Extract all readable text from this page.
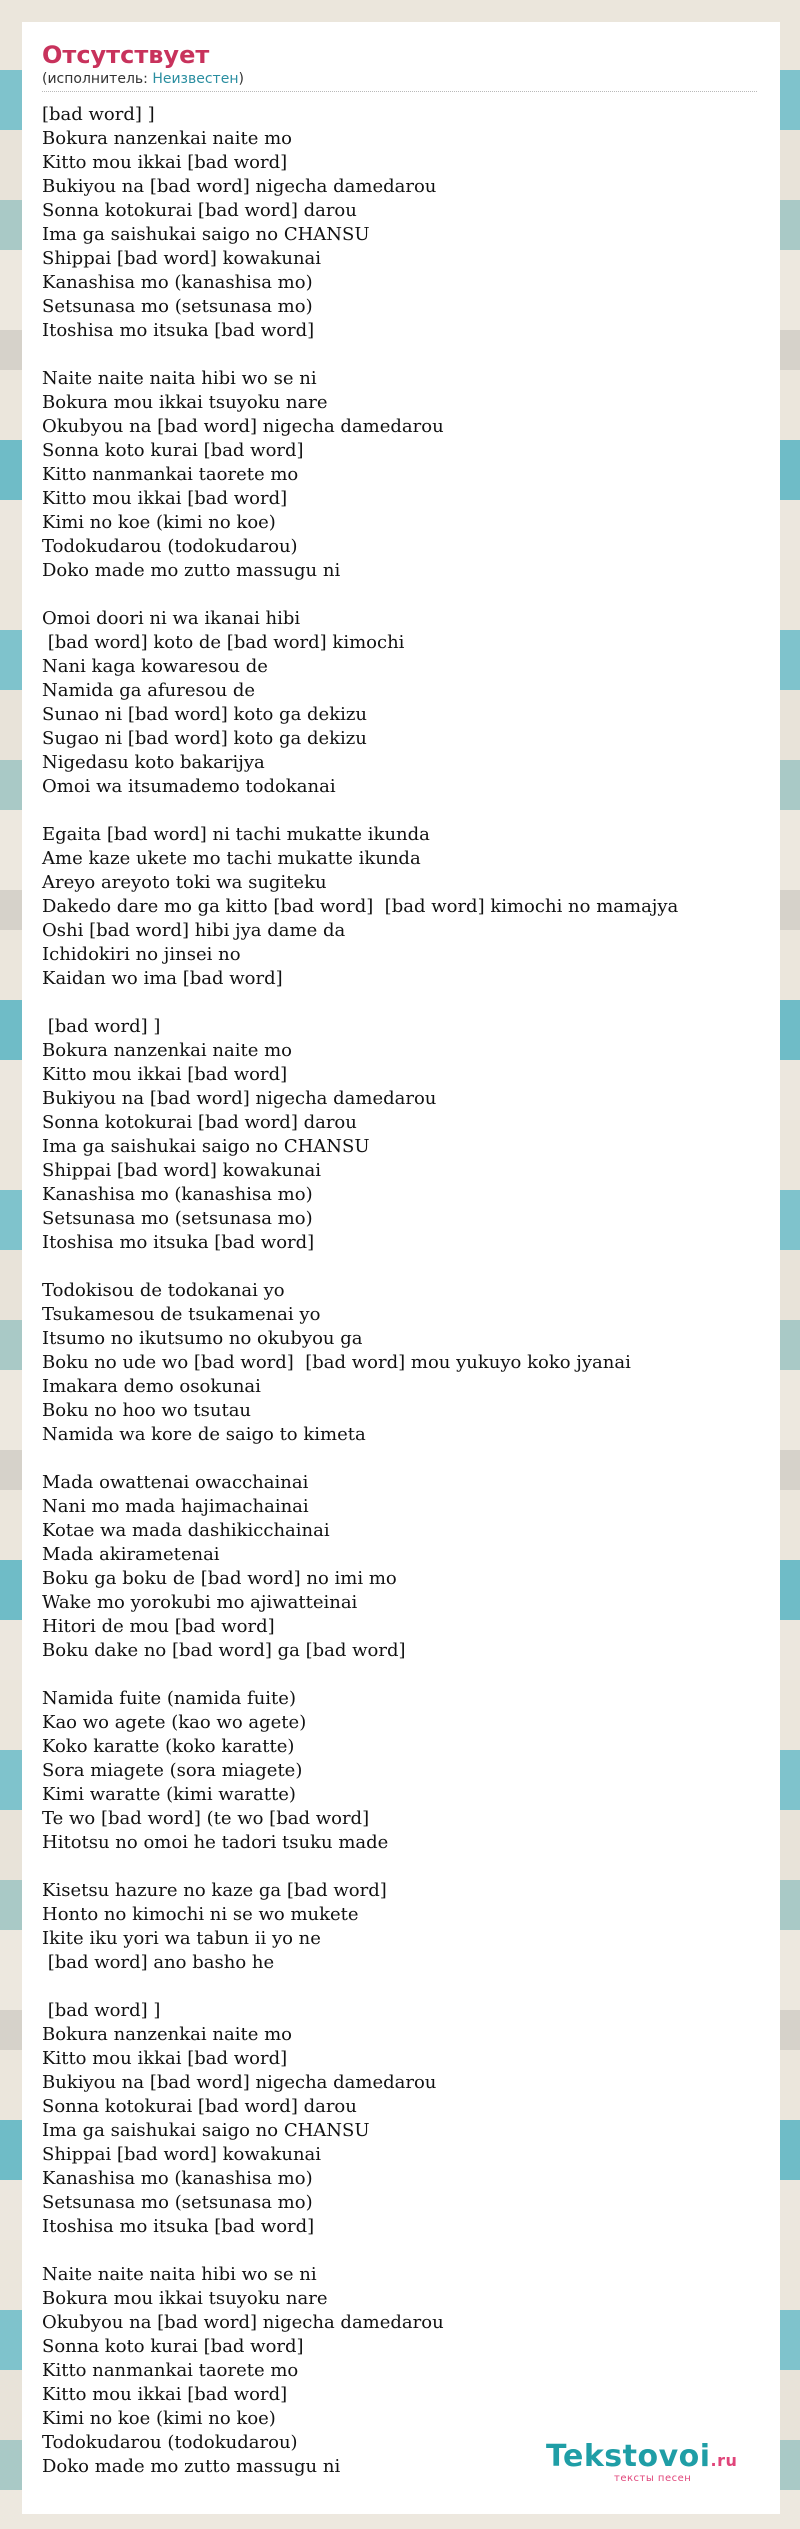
Отсутствует
(исполнитель: Неизвестен)
[bad word] ]
Bokura nanzenkai naite mo
Kitto mou ikkai [bad word]
Bukiyou na [bad word] nigecha damedarou
Sonna kotokurai [bad word] darou
Ima ga saishukai saigo no CHANSU
Shippai [bad word] kowakunai
Kanashisa mo (kanashisa mo)
Setsunasa mo (setsunasa mo)
Itoshisa mo itsuka [bad word]
Naite naite naita hibi wo se ni
Bokura mou ikkai tsuyoku nare
Okubyou na [bad word] nigecha damedarou
Sonna koto kurai [bad word]
Kitto nanmankai taorete mo
Kitto mou ikkai [bad word]
Kimi no koe (kimi no koe)
Todokudarou (todokudarou)
Doko made mo zutto massugu ni
Omoi doori ni wa ikanai hibi
[bad word] koto de [bad word] kimochi
Nani kaga kowaresou de
Namida ga afuresou de
Sunao ni [bad word] koto ga dekizu
Sugao ni [bad word] koto ga dekizu
Nigedasu koto bakarijya
Omoi wa itsumademo todokanai
Egaita [bad word] ni tachi mukatte ikunda
Ame kaze ukete mo tachi mukatte ikunda
Areyo areyoto toki wa sugiteku
Dakedo dare mo ga kitto [bad word]  [bad word] kimochi no mamajya
Oshi [bad word] hibi jya dame da
Ichidokiri no jinsei no
Kaidan wo ima [bad word]
[bad word] ]
Bokura nanzenkai naite mo
Kitto mou ikkai [bad word]
Bukiyou na [bad word] nigecha damedarou
Sonna kotokurai [bad word] darou
Ima ga saishukai saigo no CHANSU
Shippai [bad word] kowakunai
Kanashisa mo (kanashisa mo)
Setsunasa mo (setsunasa mo)
Itoshisa mo itsuka [bad word]
Todokisou de todokanai yo
Tsukamesou de tsukamenai yo
Itsumo no ikutsumo no okubyou ga
Boku no ude wo [bad word]  [bad word] mou yukuyo koko jyanai
Imakara demo osokunai
Boku no hoo wo tsutau
Namida wa kore de saigo to kimeta
Mada owattenai owacchainai
Nani mo mada hajimachainai
Kotae wa mada dashikicchainai
Mada akirametenai
Boku ga boku de [bad word] no imi mo
Wake mo yorokubi mo ajiwatteinai
Hitori de mou [bad word]
Boku dake no [bad word] ga [bad word]
Namida fuite (namida fuite)
Kao wo agete (kao wo agete)
Koko karatte (koko karatte)
Sora miagete (sora miagete)
Kimi waratte (kimi waratte)
Te wo [bad word] (te wo [bad word]
Hitotsu no omoi he tadori tsuku made
Kisetsu hazure no kaze ga [bad word]
Honto no kimochi ni se wo mukete
Ikite iku yori wa tabun ii yo ne
[bad word] ano basho he
[bad word] ]
Bokura nanzenkai naite mo
Kitto mou ikkai [bad word]
Bukiyou na [bad word] nigecha damedarou
Sonna kotokurai [bad word] darou
Ima ga saishukai saigo no CHANSU
Shippai [bad word] kowakunai
Kanashisa mo (kanashisa mo)
Setsunasa mo (setsunasa mo)
Itoshisa mo itsuka [bad word]
Naite naite naita hibi wo se ni
Bokura mou ikkai tsuyoku nare
Okubyou na [bad word] nigecha damedarou
Sonna koto kurai [bad word]
Kitto nanmankai taorete mo
Kitto mou ikkai [bad word]
Kimi no koe (kimi no koe)
Todokudarou (todokudarou)
Doko made mo zutto massugu ni	Tekstovoi.ru
тексты песен
